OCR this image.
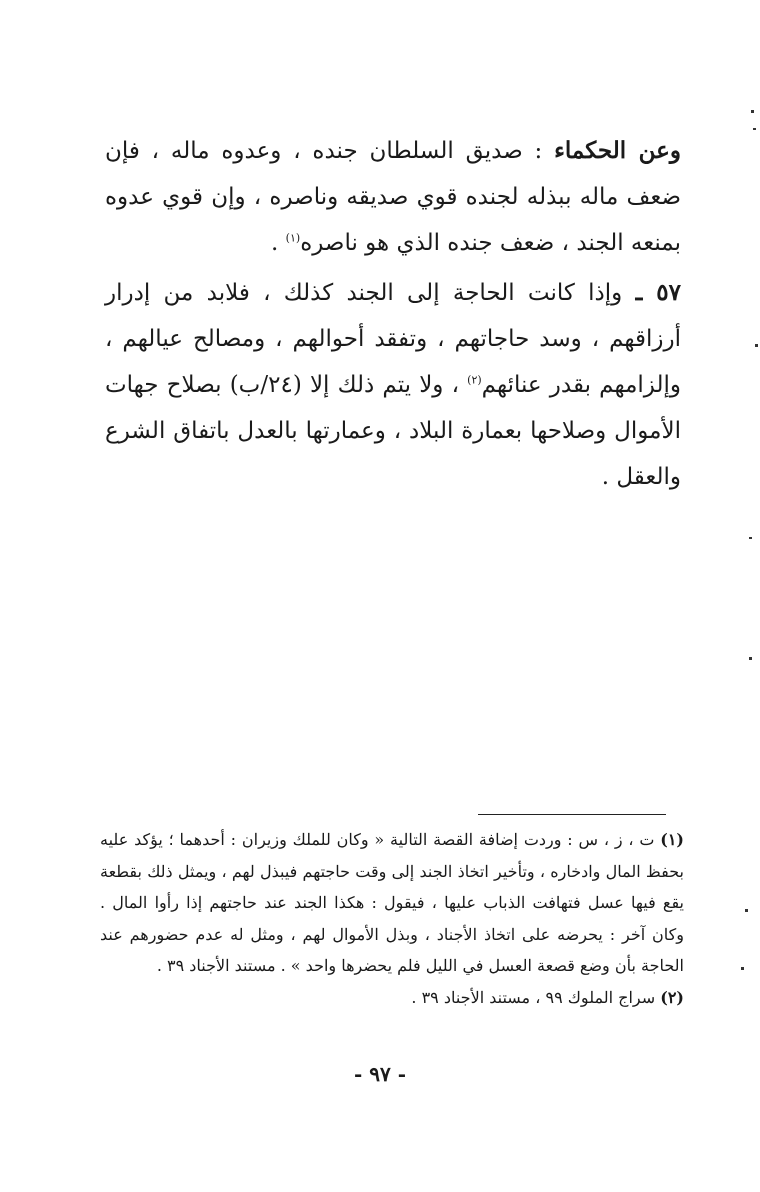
وعن الحكماء : صديق السلطان جنده ، وعدوه ماله ، فإن ضعف ماله ببذله لجنده قوي صديقه وناصره ، وإن قوي عدوه بمنعه الجند ، ضعف جنده الذي هو ناصره$^{(١)}$ .

٥٧ ـ وإذا كانت الحاجة إلى الجند كذلك ، فلابد من إدرار أرزاقهم ، وسد حاجاتهم ، وتفقد أحوالهم ، ومصالح عيالهم ، وإلزامهم بقدر عنائهم$^{(٢)}$ ، ولا يتم ذلك إلا (٢٤/ب) بصلاح جهات الأموال وصلاحها بعمارة البلاد ، وعمارتها بالعدل باتفاق الشرع والعقل .

(١) ت ، ز ، س : وردت إضافة القصة التالية « وكان للملك وزيران : أحدهما ؛ يؤكد عليه بحفظ المال وادخاره ، وتأخير اتخاذ الجند إلى وقت حاجتهم فيبذل لهم ، ويمثل ذلك بقطعة يقع فيها عسل فتهافت الذباب عليها ، فيقول : هكذا الجند عند حاجتهم إذا رأوا المال . وكان آخر : يحرضه على اتخاذ الأجناد ، وبذل الأموال لهم ، ومثل له عدم حضورهم عند الحاجة بأن وضع قصعة العسل في الليل فلم يحضرها واحد » . مستند الأجناد ٣٩ .

(٢) سراج الملوك ٩٩ ، مستند الأجناد ٣٩ .

- ٩٧ -
